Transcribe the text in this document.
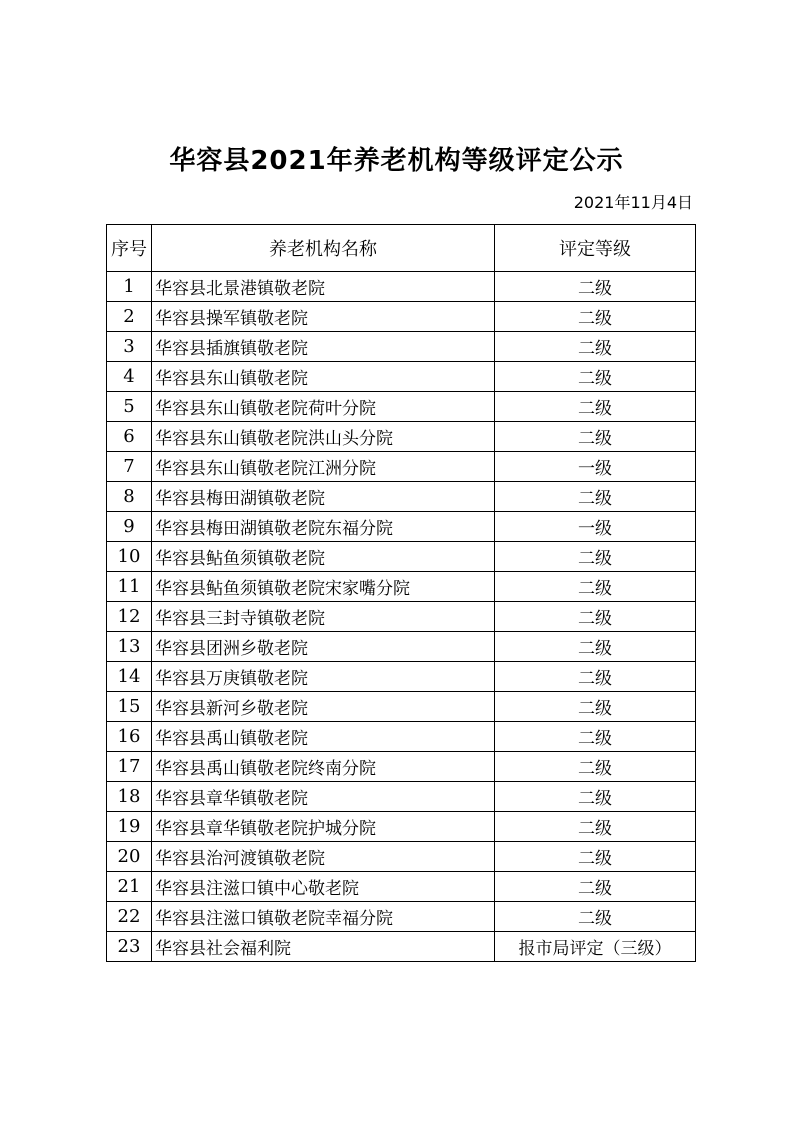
华容县2021年养老机构等级评定公示
2021年11月4日
序号	养老机构名称	评定等级
1	华容县北景港镇敬老院	二级
2	华容县操军镇敬老院	二级
3	华容县插旗镇敬老院	二级
4	华容县东山镇敬老院	二级
5	华容县东山镇敬老院荷叶分院	二级
6	华容县东山镇敬老院洪山头分院	二级
7	华容县东山镇敬老院江洲分院	一级
8	华容县梅田湖镇敬老院	二级
9	华容县梅田湖镇敬老院东福分院	一级
10	华容县鲇鱼须镇敬老院	二级
11	华容县鲇鱼须镇敬老院宋家嘴分院	二级
12	华容县三封寺镇敬老院	二级
13	华容县团洲乡敬老院	二级
14	华容县万庚镇敬老院	二级
15	华容县新河乡敬老院	二级
16	华容县禹山镇敬老院	二级
17	华容县禹山镇敬老院终南分院	二级
18	华容县章华镇敬老院	二级
19	华容县章华镇敬老院护城分院	二级
20	华容县治河渡镇敬老院	二级
21	华容县注滋口镇中心敬老院	二级
22	华容县注滋口镇敬老院幸福分院	二级
23	华容县社会福利院	报市局评定（三级）
